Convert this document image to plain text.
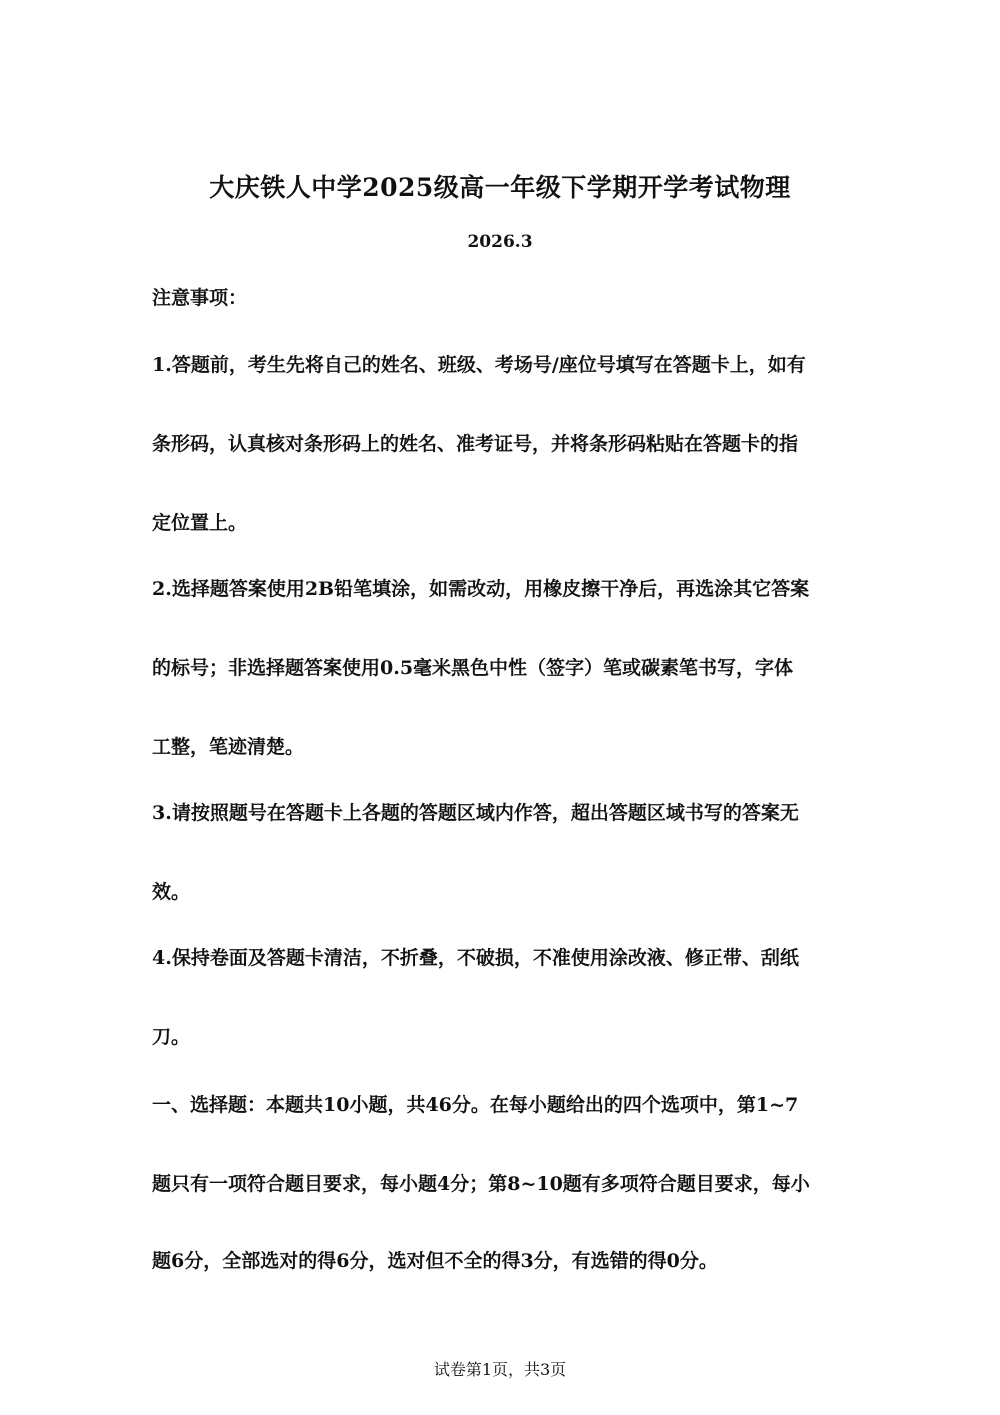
大庆铁人中学2025级高一年级下学期开学考试物理
2026.3
注意事项：
1.答题前，考生先将自己的姓名、班级、考场号/座位号填写在答题卡上，如有
条形码，认真核对条形码上的姓名、准考证号，并将条形码粘贴在答题卡的指
定位置上。
2.选择题答案使用2B铅笔填涂，如需改动，用橡皮擦干净后，再选涂其它答案
的标号；非选择题答案使用0.5毫米黑色中性（签字）笔或碳素笔书写，字体
工整，笔迹清楚。
3.请按照题号在答题卡上各题的答题区域内作答，超出答题区域书写的答案无
效。
4.保持卷面及答题卡清洁，不折叠，不破损，不准使用涂改液、修正带、刮纸
刀。
一、选择题：本题共10小题，共46分。在每小题给出的四个选项中，第1~7
题只有一项符合题目要求，每小题4分；第8~10题有多项符合题目要求，每小
题6分，全部选对的得6分，选对但不全的得3分，有选错的得0分。
试卷第1页，共3页
